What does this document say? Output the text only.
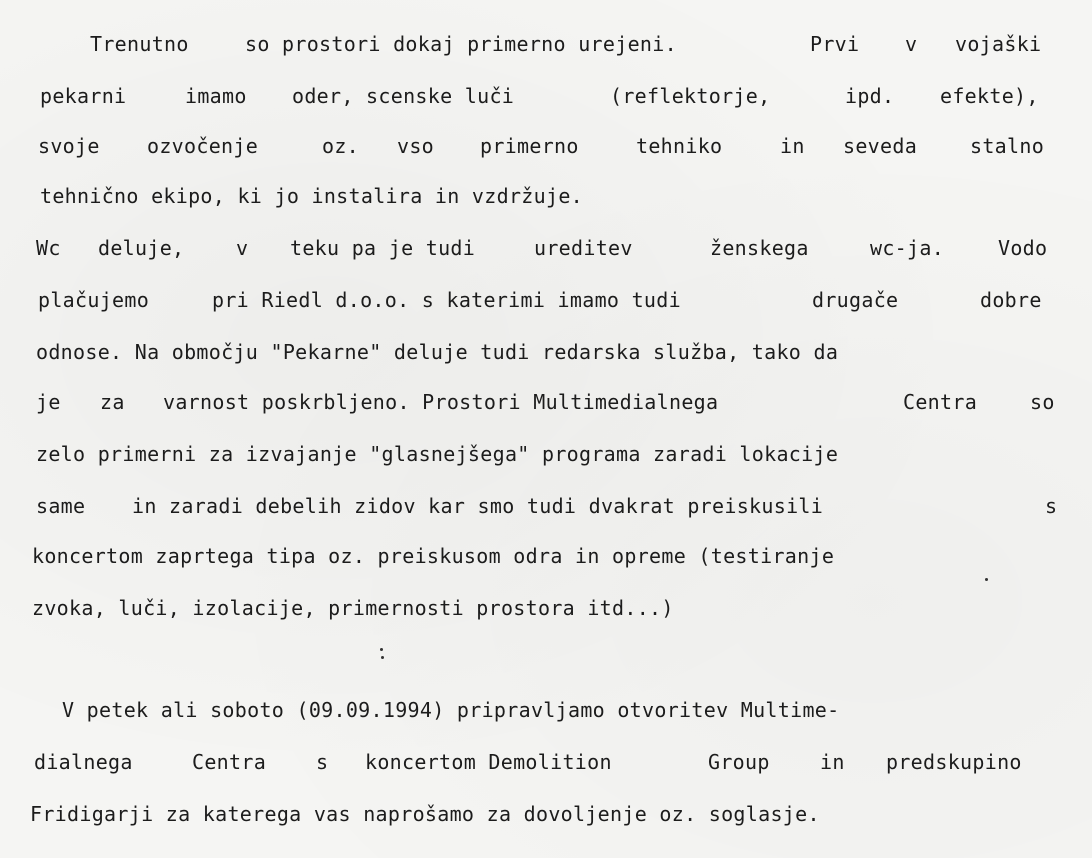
Trenutno

	so prostori dokaj primerno urejeni.

	Prvi

v

vojaški

pekarni

	imamo

oder, scenske luči

	(reflektorje,

	ipd.

efekte),

svoje

ozvočenje

	oz.

vso

primerno

	tehniko

	in

seveda

	stalno

tehnično ekipo, ki jo instalira in vzdržuje.

Wc

deluje,

	v

teku pa je tudi

	ureditev

	ženskega

	wc-ja.

	Vodo

plačujemo

	pri Riedl d.o.o. s katerimi imamo tudi

	drugače

	dobre

odnose. Na območju "Pekarne" deluje tudi redarska služba, tako da

je

za

varnost poskrbljeno. Prostori Multimedialnega

	Centra

	so

zelo primerni za izvajanje "glasnejšega" programa zaradi lokacije

same

in zaradi debelih zidov kar smo tudi dvakrat preiskusili

	s

koncertom zaprtega tipa oz. preiskusom odra in opreme (testiranje

zvoka, luči, izolacije, primernosti prostora itd...)

V petek ali soboto (09.09.1994) pripravljamo otvoritev Multime-

dialnega

	Centra

s

koncertom Demolition

	Group

	in

predskupino

Fridigarji za katerega vas naprošamo za dovoljenje oz. soglasje.
